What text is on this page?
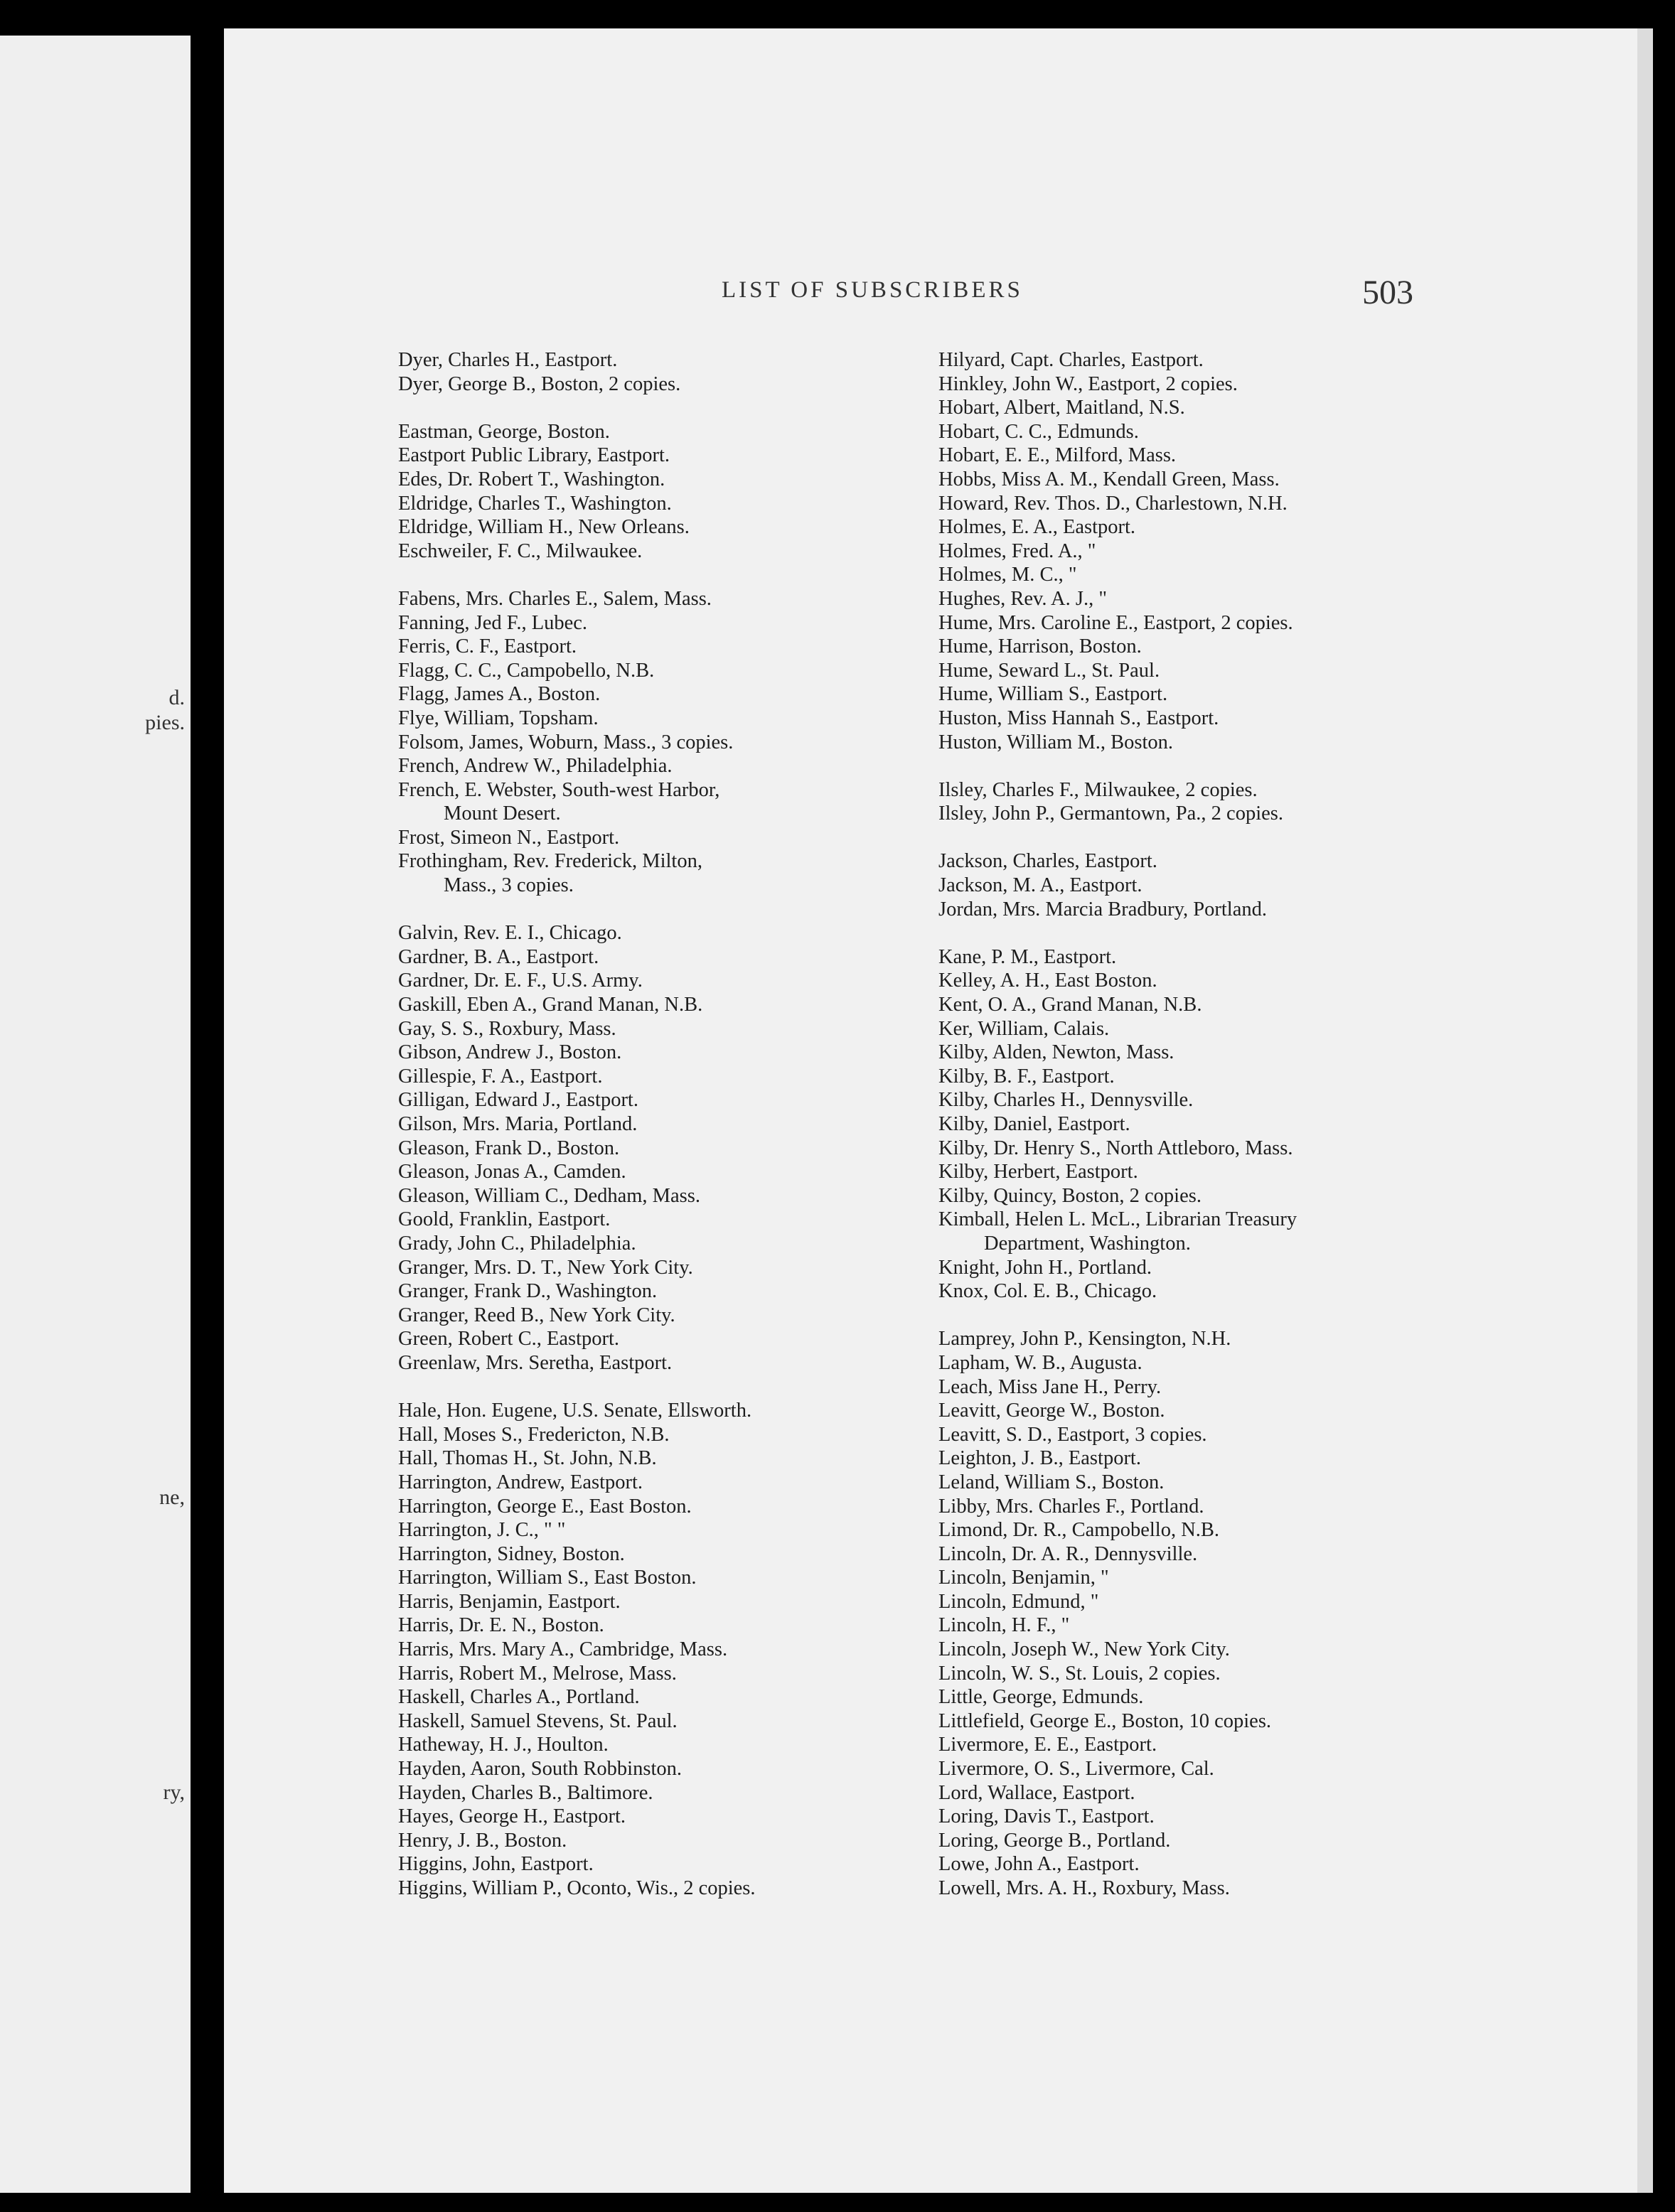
d.
pies.
ne,
ry,
LIST OF SUBSCRIBERS	503
Dyer, Charles H., Eastport.
Dyer, George B., Boston, 2 copies.
Eastman, George, Boston.
Eastport Public Library, Eastport.
Edes, Dr. Robert T., Washington.
Eldridge, Charles T., Washington.
Eldridge, William H., New Orleans.
Eschweiler, F. C., Milwaukee.
Fabens, Mrs. Charles E., Salem, Mass.
Fanning, Jed F., Lubec.
Ferris, C. F., Eastport.
Flagg, C. C., Campobello, N.B.
Flagg, James A., Boston.
Flye, William, Topsham.
Folsom, James, Woburn, Mass., 3 copies.
French, Andrew W., Philadelphia.
French, E. Webster, South-west Harbor,
Mount Desert.
Frost, Simeon N., Eastport.
Frothingham, Rev. Frederick, Milton,
Mass., 3 copies.
Galvin, Rev. E. I., Chicago.
Gardner, B. A., Eastport.
Gardner, Dr. E. F., U.S. Army.
Gaskill, Eben A., Grand Manan, N.B.
Gay, S. S., Roxbury, Mass.
Gibson, Andrew J., Boston.
Gillespie, F. A., Eastport.
Gilligan, Edward J., Eastport.
Gilson, Mrs. Maria, Portland.
Gleason, Frank D., Boston.
Gleason, Jonas A., Camden.
Gleason, William C., Dedham, Mass.
Goold, Franklin, Eastport.
Grady, John C., Philadelphia.
Granger, Mrs. D. T., New York City.
Granger, Frank D., Washington.
Granger, Reed B., New York City.
Green, Robert C., Eastport.
Greenlaw, Mrs. Seretha, Eastport.
Hale, Hon. Eugene, U.S. Senate, Ellsworth.
Hall, Moses S., Fredericton, N.B.
Hall, Thomas H., St. John, N.B.
Harrington, Andrew, Eastport.
Harrington, George E., East Boston.
Harrington, J. C., " "
Harrington, Sidney, Boston.
Harrington, William S., East Boston.
Harris, Benjamin, Eastport.
Harris, Dr. E. N., Boston.
Harris, Mrs. Mary A., Cambridge, Mass.
Harris, Robert M., Melrose, Mass.
Haskell, Charles A., Portland.
Haskell, Samuel Stevens, St. Paul.
Hatheway, H. J., Houlton.
Hayden, Aaron, South Robbinston.
Hayden, Charles B., Baltimore.
Hayes, George H., Eastport.
Henry, J. B., Boston.
Higgins, John, Eastport.
Higgins, William P., Oconto, Wis., 2 copies.
Hilyard, Capt. Charles, Eastport.
Hinkley, John W., Eastport, 2 copies.
Hobart, Albert, Maitland, N.S.
Hobart, C. C., Edmunds.
Hobart, E. E., Milford, Mass.
Hobbs, Miss A. M., Kendall Green, Mass.
Howard, Rev. Thos. D., Charlestown, N.H.
Holmes, E. A., Eastport.
Holmes, Fred. A., "
Holmes, M. C., "
Hughes, Rev. A. J., "
Hume, Mrs. Caroline E., Eastport, 2 copies.
Hume, Harrison, Boston.
Hume, Seward L., St. Paul.
Hume, William S., Eastport.
Huston, Miss Hannah S., Eastport.
Huston, William M., Boston.
Ilsley, Charles F., Milwaukee, 2 copies.
Ilsley, John P., Germantown, Pa., 2 copies.
Jackson, Charles, Eastport.
Jackson, M. A., Eastport.
Jordan, Mrs. Marcia Bradbury, Portland.
Kane, P. M., Eastport.
Kelley, A. H., East Boston.
Kent, O. A., Grand Manan, N.B.
Ker, William, Calais.
Kilby, Alden, Newton, Mass.
Kilby, B. F., Eastport.
Kilby, Charles H., Dennysville.
Kilby, Daniel, Eastport.
Kilby, Dr. Henry S., North Attleboro, Mass.
Kilby, Herbert, Eastport.
Kilby, Quincy, Boston, 2 copies.
Kimball, Helen L. McL., Librarian Treasury
Department, Washington.
Knight, John H., Portland.
Knox, Col. E. B., Chicago.
Lamprey, John P., Kensington, N.H.
Lapham, W. B., Augusta.
Leach, Miss Jane H., Perry.
Leavitt, George W., Boston.
Leavitt, S. D., Eastport, 3 copies.
Leighton, J. B., Eastport.
Leland, William S., Boston.
Libby, Mrs. Charles F., Portland.
Limond, Dr. R., Campobello, N.B.
Lincoln, Dr. A. R., Dennysville.
Lincoln, Benjamin, "
Lincoln, Edmund, "
Lincoln, H. F., "
Lincoln, Joseph W., New York City.
Lincoln, W. S., St. Louis, 2 copies.
Little, George, Edmunds.
Littlefield, George E., Boston, 10 copies.
Livermore, E. E., Eastport.
Livermore, O. S., Livermore, Cal.
Lord, Wallace, Eastport.
Loring, Davis T., Eastport.
Loring, George B., Portland.
Lowe, John A., Eastport.
Lowell, Mrs. A. H., Roxbury, Mass.
